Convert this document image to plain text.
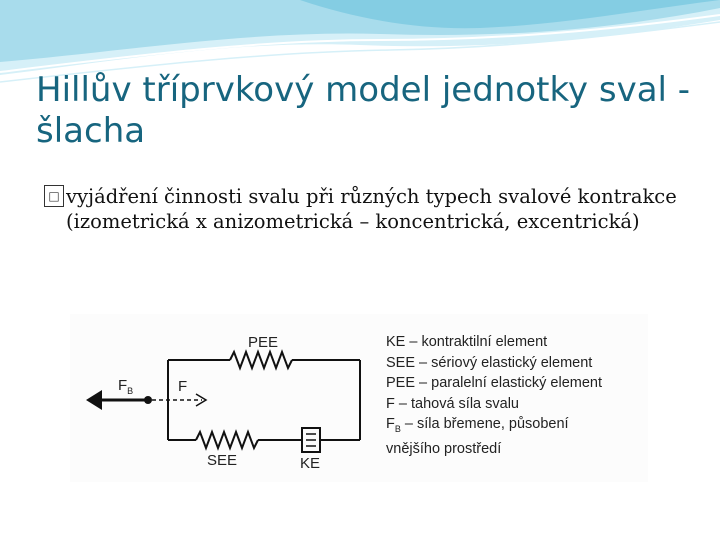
Hillův tříprvkový model jednotky sval - šlacha
□ vyjádření činnosti svalu při různých typech svalové kontrakce (izometrická x anizometrická – koncentrická, excentrická)
PEE
SEE	KE
F
$F_B$
KE – kontraktilní element
SEE – sériový elastický element
PEE – paralelní elastický element
F – tahová síla svalu
$F_B$ – síla břemene, působení
vnějšího prostředí
